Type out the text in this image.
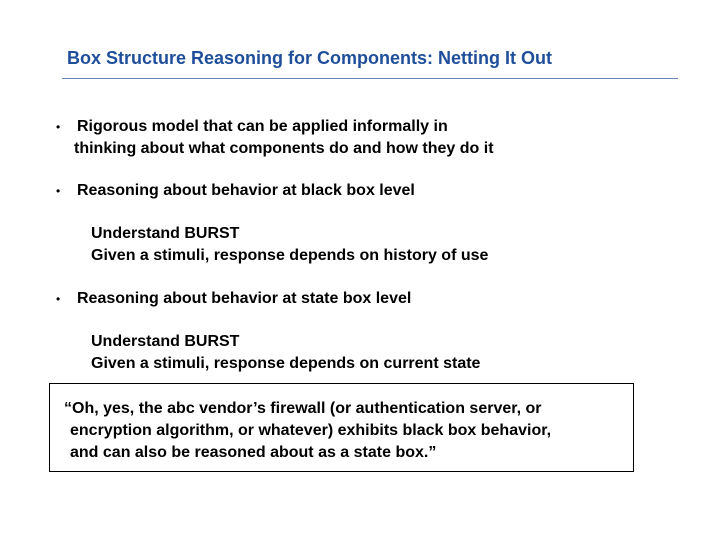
Box Structure Reasoning for Components: Netting It Out
• Rigorous model that can be applied informally in
thinking about what components do and how they do it
• Reasoning about behavior at black box level
Understand BURST
Given a stimuli, response depends on history of use
• Reasoning about behavior at state box level
Understand BURST
Given a stimuli, response depends on current state
“Oh, yes, the abc vendor’s firewall (or authentication server, or
encryption algorithm, or whatever) exhibits black box behavior,
and can also be reasoned about as a state box.”
